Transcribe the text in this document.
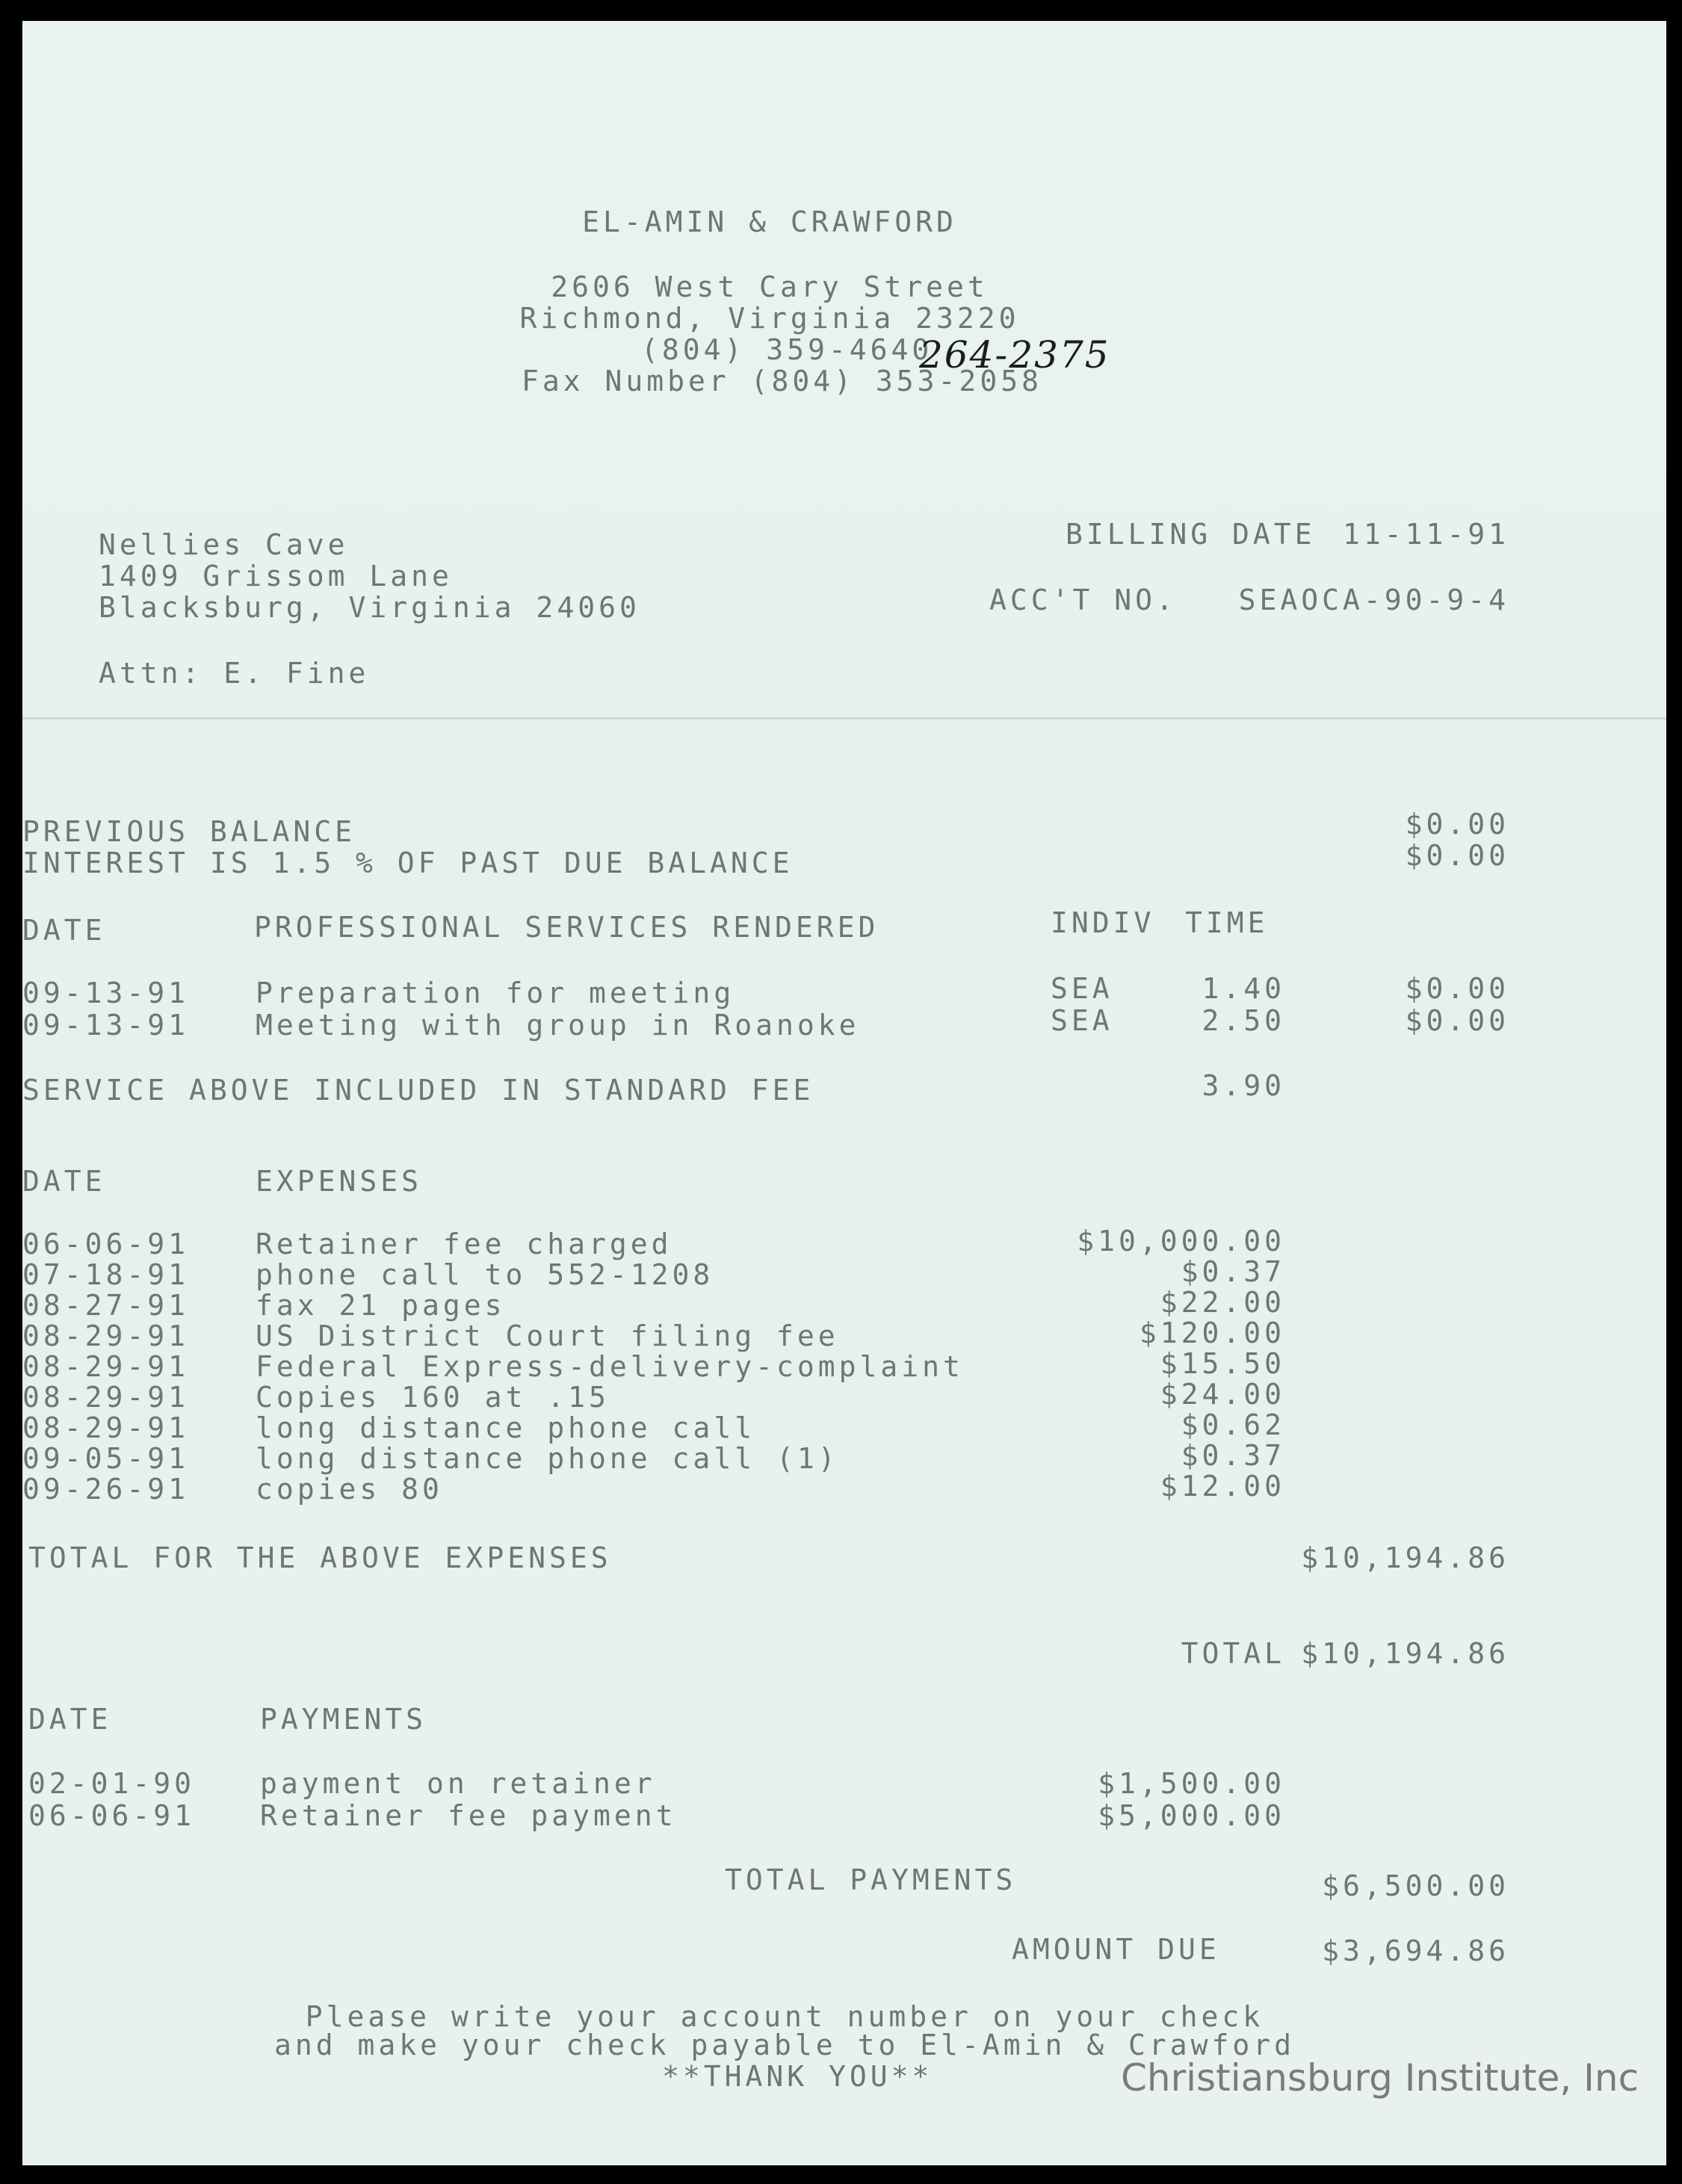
EL-AMIN & CRAWFORD
2606 West Cary Street
Richmond, Virginia 23220
(804) 359-4640
264-2375
Fax Number (804) 353-2058
Nellies Cave
1409 Grissom Lane
Blacksburg, Virginia 24060
Attn: E. Fine
BILLING DATE 11-11-91
ACC'T NO.	SEAOCA-90-9-4
PREVIOUS BALANCE	$0.00
INTEREST IS 1.5 % OF PAST DUE BALANCE	$0.00
DATE	PROFESSIONAL SERVICES RENDERED	INDIV TIME
09-13-91 Preparation for meeting	SEA	1.40	$0.00
09-13-91 Meeting with group in Roanoke	SEA	2.50	$0.00
SERVICE ABOVE INCLUDED IN STANDARD FEE	3.90
DATE	EXPENSES
06-06-91 Retainer fee charged	$10,000.00
07-18-91 phone call to 552-1208	$0.37
08-27-91 fax 21 pages	$22.00
08-29-91 US District Court filing fee	$120.00
08-29-91 Federal Express-delivery-complaint	$15.50
08-29-91 Copies 160 at .15	$24.00
08-29-91 long distance phone call	$0.62
09-05-91 long distance phone call (1)	$0.37
09-26-91 copies 80	$12.00
TOTAL FOR THE ABOVE EXPENSES	$10,194.86
TOTAL $10,194.86
DATE	PAYMENTS
02-01-90 payment on retainer	$1,500.00
06-06-91 Retainer fee payment	$5,000.00
TOTAL PAYMENTS	$6,500.00
AMOUNT DUE	$3,694.86
Please write your account number on your check
and make your check payable to El-Amin & Crawford
**THANK YOU**	Christiansburg Institute, Inc
